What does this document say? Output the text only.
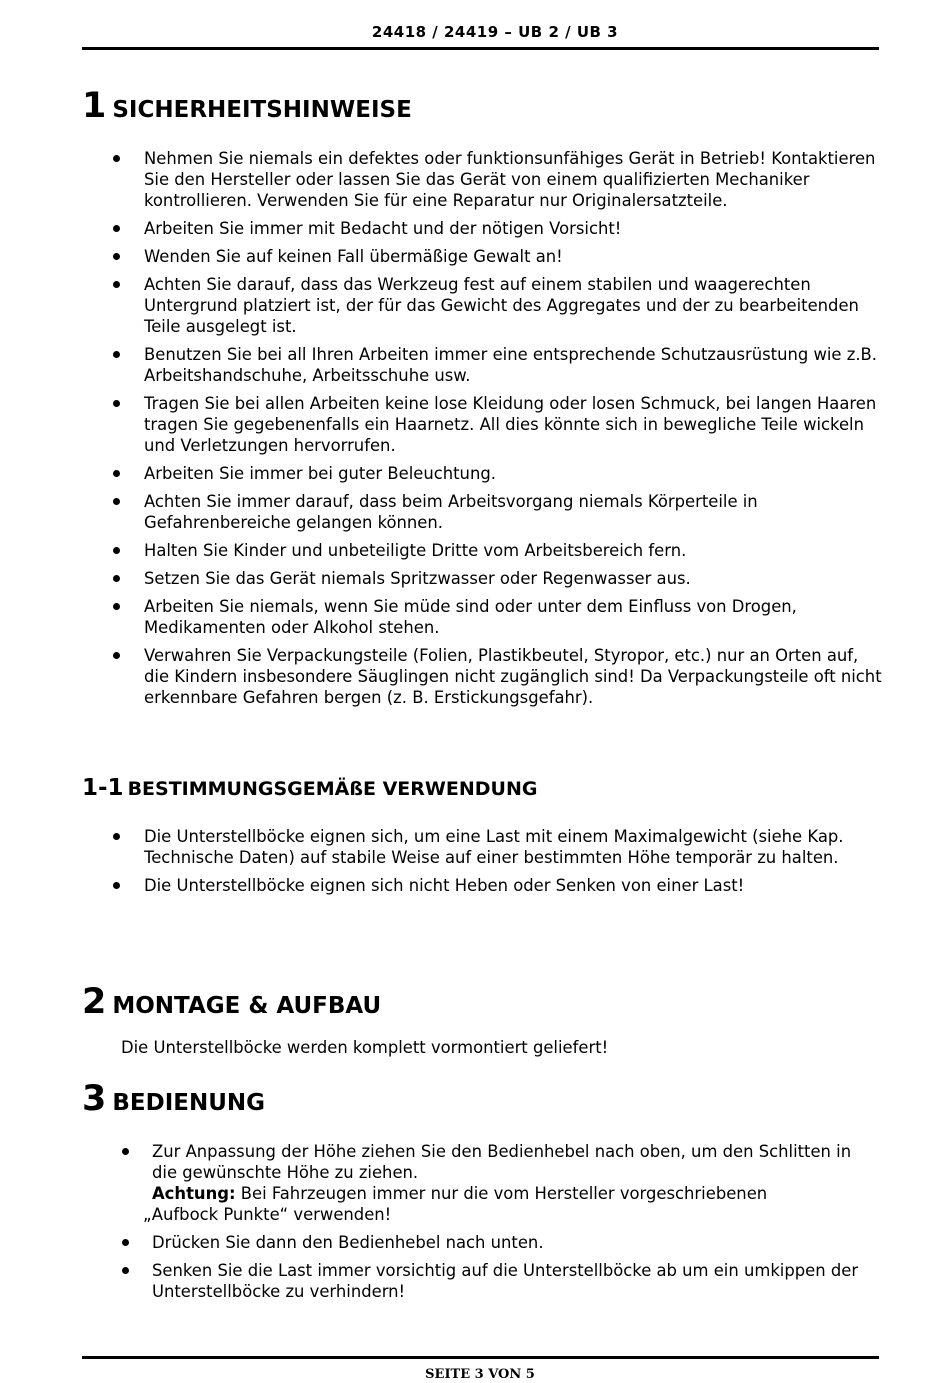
24418 / 24419 – UB 2 / UB 3
1 SICHERHEITSHINWEISE
Nehmen Sie niemals ein defektes oder funktionsunfähiges Gerät in Betrieb! Kontaktieren Sie den Hersteller oder lassen Sie das Gerät von einem qualifizierten Mechaniker kontrollieren. Verwenden Sie für eine Reparatur nur Originalersatzteile.
Arbeiten Sie immer mit Bedacht und der nötigen Vorsicht!
Wenden Sie auf keinen Fall übermäßige Gewalt an!
Achten Sie darauf, dass das Werkzeug fest auf einem stabilen und waagerechten Untergrund platziert ist, der für das Gewicht des Aggregates und der zu bearbeitenden Teile ausgelegt ist.
Benutzen Sie bei all Ihren Arbeiten immer eine entsprechende Schutzausrüstung wie z.B. Arbeitshandschuhe, Arbeitsschuhe usw.
Tragen Sie bei allen Arbeiten keine lose Kleidung oder losen Schmuck, bei langen Haaren tragen Sie gegebenenfalls ein Haarnetz. All dies könnte sich in bewegliche Teile wickeln und Verletzungen hervorrufen.
Arbeiten Sie immer bei guter Beleuchtung.
Achten Sie immer darauf, dass beim Arbeitsvorgang niemals Körperteile in Gefahrenbereiche gelangen können.
Halten Sie Kinder und unbeteiligte Dritte vom Arbeitsbereich fern.
Setzen Sie das Gerät niemals Spritzwasser oder Regenwasser aus.
Arbeiten Sie niemals, wenn Sie müde sind oder unter dem Einfluss von Drogen, Medikamenten oder Alkohol stehen.
Verwahren Sie Verpackungsteile (Folien, Plastikbeutel, Styropor, etc.) nur an Orten auf, die Kindern insbesondere Säuglingen nicht zugänglich sind! Da Verpackungsteile oft nicht erkennbare Gefahren bergen (z. B. Erstickungsgefahr).
1-1 BESTIMMUNGSGEMÄßE VERWENDUNG
Die Unterstellböcke eignen sich, um eine Last mit einem Maximalgewicht (siehe Kap. Technische Daten) auf stabile Weise auf einer bestimmten Höhe temporär zu halten.
Die Unterstellböcke eignen sich nicht Heben oder Senken von einer Last!
2 MONTAGE & AUFBAU
Die Unterstellböcke werden komplett vormontiert geliefert!
3 BEDIENUNG
Zur Anpassung der Höhe ziehen Sie den Bedienhebel nach oben, um den Schlitten in die gewünschte Höhe zu ziehen.
Achtung: Bei Fahrzeugen immer nur die vom Hersteller vorgeschriebenen
„Aufbock Punkte“ verwenden!
Drücken Sie dann den Bedienhebel nach unten.
Senken Sie die Last immer vorsichtig auf die Unterstellböcke ab um ein umkippen der Unterstellböcke zu verhindern!
SEITE 3 VON 5
